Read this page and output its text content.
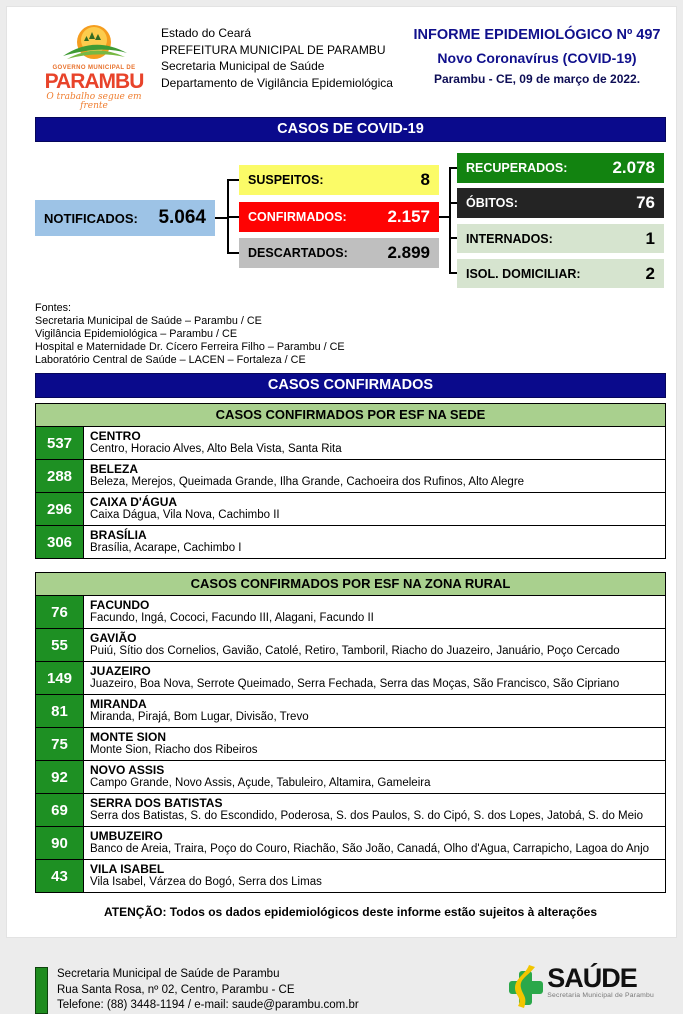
GOVERNO MUNICIPAL DE
PARAMBU
O trabalho segue em frente
Estado do Ceará
PREFEITURA MUNICIPAL DE PARAMBU
Secretaria Municipal de Saúde
Departamento de Vigilância Epidemiológica
INFORME EPIDEMIOLÓGICO Nº 497
Novo Coronavírus (COVID-19)
Parambu - CE, 09 de março de 2022.
CASOS DE COVID-19
NOTIFICADOS: 5.064
SUSPEITOS:	8
CONFIRMADOS: 2.157
DESCARTADOS: 2.899
RECUPERADOS:	2.078
ÓBITOS:	76
INTERNADOS:	1
ISOL. DOMICILIAR:	2
Fontes:
Secretaria Municipal de Saúde – Parambu / CE
Vigilância Epidemiológica – Parambu / CE
Hospital e Maternidade Dr. Cícero Ferreira Filho – Parambu / CE
Laboratório Central de Saúde – LACEN – Fortaleza / CE
CASOS CONFIRMADOS
CASOS CONFIRMADOS POR ESF NA SEDE	
537	CENTRO
Centro, Horacio Alves, Alto Bela Vista, Santa Rita

288	BELEZA
Beleza, Merejos, Queimada Grande, Ilha Grande, Cachoeira dos Rufinos, Alto Alegre

296	CAIXA D'ÁGUA
Caixa Dágua, Vila Nova, Cachimbo II

306	BRASÍLIA
Brasília, Acarape, Cachimbo I
CASOS CONFIRMADOS POR ESF NA ZONA RURAL	
76	FACUNDO
Facundo, Ingá, Cococi, Facundo III, Alagani, Facundo II

55	GAVIÃO
Puiú, Sítio dos Cornelios, Gavião, Catolé, Retiro, Tamboril, Riacho do Juazeiro, Januário, Poço Cercado

149	JUAZEIRO
Juazeiro, Boa Nova, Serrote Queimado, Serra Fechada, Serra das Moças, São Francisco, São Cipriano

81	MIRANDA
Miranda, Pirajá, Bom Lugar, Divisão, Trevo

75	MONTE SION
Monte Sion, Riacho dos Ribeiros

92	NOVO ASSIS
Campo Grande, Novo Assis, Açude, Tabuleiro, Altamira, Gameleira

69	SERRA DOS BATISTAS
Serra dos Batistas, S. do Escondido, Poderosa, S. dos Paulos, S. do Cipó, S. dos Lopes, Jatobá, S. do Meio

90	UMBUZEIRO
Banco de Areia, Traira, Poço do Couro, Riachão, São João, Canadá, Olho d'Agua, Carrapicho, Lagoa do Anjo

43	VILA ISABEL
Vila Isabel, Várzea do Bogó, Serra dos Limas
ATENÇÃO: Todos os dados epidemiológicos deste informe estão sujeitos à alterações
Secretaria Municipal de Saúde de Parambu
Rua Santa Rosa, nº 02, Centro, Parambu - CE
Telefone: (88) 3448-1194 / e-mail: saude@parambu.com.br
SAÚDE
Secretaria Municipal de Parambu
